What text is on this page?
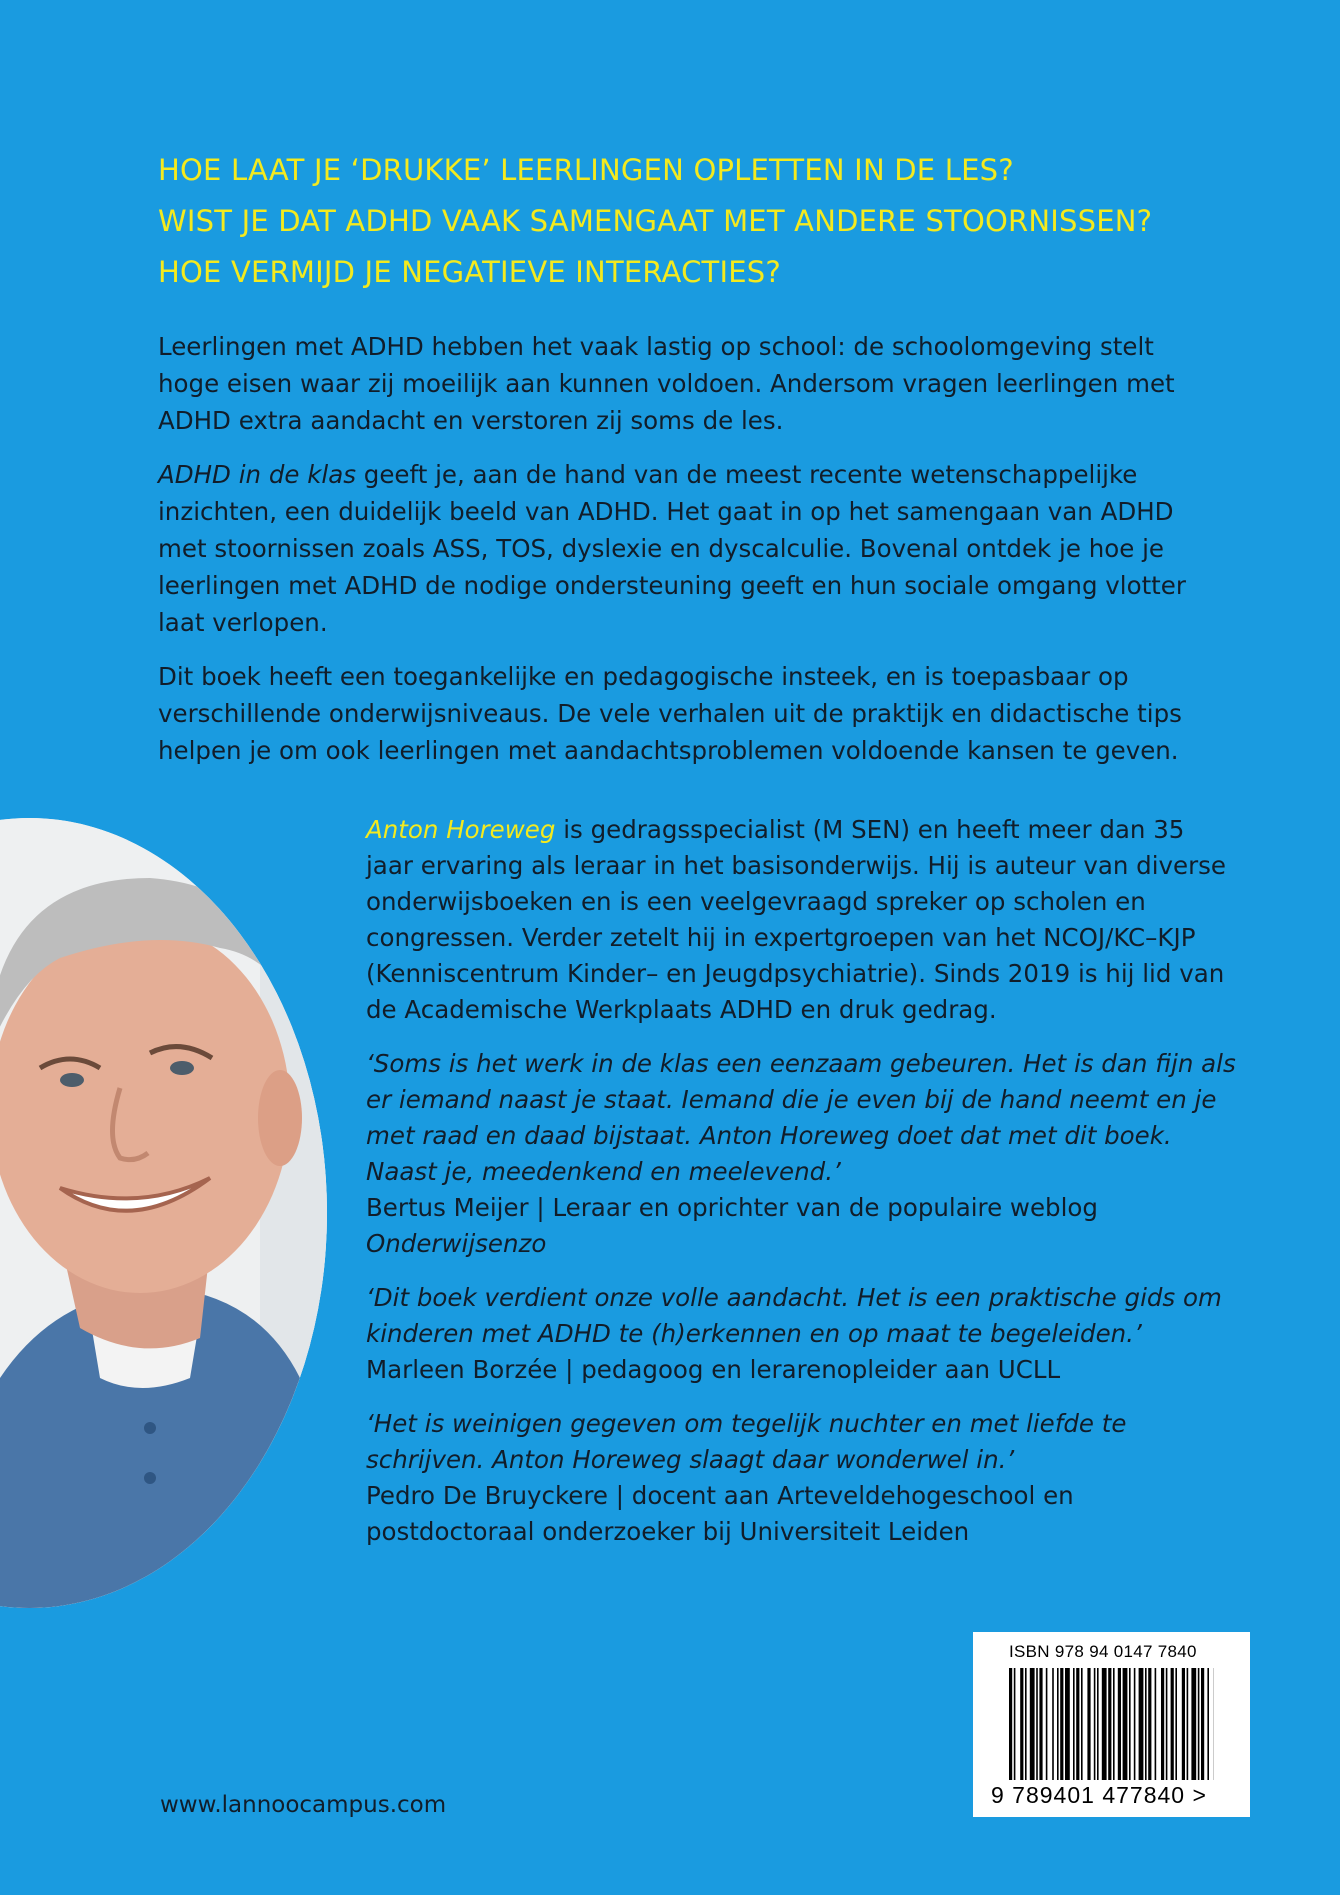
HOE LAAT JE ‘DRUKKE’ LEERLINGEN OPLETTEN IN DE LES?
WIST JE DAT ADHD VAAK SAMENGAAT MET ANDERE STOORNISSEN?
HOE VERMIJD JE NEGATIEVE INTERACTIES?

Leerlingen met ADHD hebben het vaak lastig op school: de schoolomgeving stelt hoge eisen waar zij moeilijk aan kunnen voldoen. Andersom vragen leerlingen met ADHD extra aandacht en verstoren zij soms de les.

ADHD in de klas geeft je, aan de hand van de meest recente wetenschappelijke inzichten, een duidelijk beeld van ADHD. Het gaat in op het samengaan van ADHD met stoornissen zoals ASS, TOS, dyslexie en dyscalculie. Bovenal ontdek je hoe je leerlingen met ADHD de nodige ondersteuning geeft en hun sociale omgang vlotter laat verlopen.

Dit boek heeft een toegankelijke en pedagogische insteek, en is toepasbaar op verschillende onderwijsniveaus. De vele verhalen uit de praktijk en didactische tips helpen je om ook leerlingen met aandachtsproblemen voldoende kansen te geven.

Anton Horeweg is gedragsspecialist (M SEN) en heeft meer dan 35 jaar ervaring als leraar in het basisonderwijs. Hij is auteur van diverse onderwijsboeken en is een veelgevraagd spreker op scholen en congressen. Verder zetelt hij in expertgroepen van het NCOJ/KC–KJP (Kenniscentrum Kinder– en Jeugdpsychiatrie). Sinds 2019 is hij lid van de Academische Werkplaats ADHD en druk gedrag.

‘Soms is het werk in de klas een eenzaam gebeuren. Het is dan fijn als er iemand naast je staat. Iemand die je even bij de hand neemt en je met raad en daad bijstaat. Anton Horeweg doet dat met dit boek. Naast je, meedenkend en meelevend.’
Bertus Meijer | Leraar en oprichter van de populaire weblog Onderwijsenzo

‘Dit boek verdient onze volle aandacht. Het is een praktische gids om kinderen met ADHD te (h)erkennen en op maat te begeleiden.’
Marleen Borzée | pedagoog en lerarenopleider aan UCLL

‘Het is weinigen gegeven om tegelijk nuchter en met liefde te schrijven. Anton Horeweg slaagt daar wonderwel in.’
Pedro De Bruyckere | docent aan Arteveldehogeschool en postdoctoraal onderzoeker bij Universiteit Leiden

ISBN 978 94 0147 7840
9 789401 477840 >
www.lannoocampus.com
